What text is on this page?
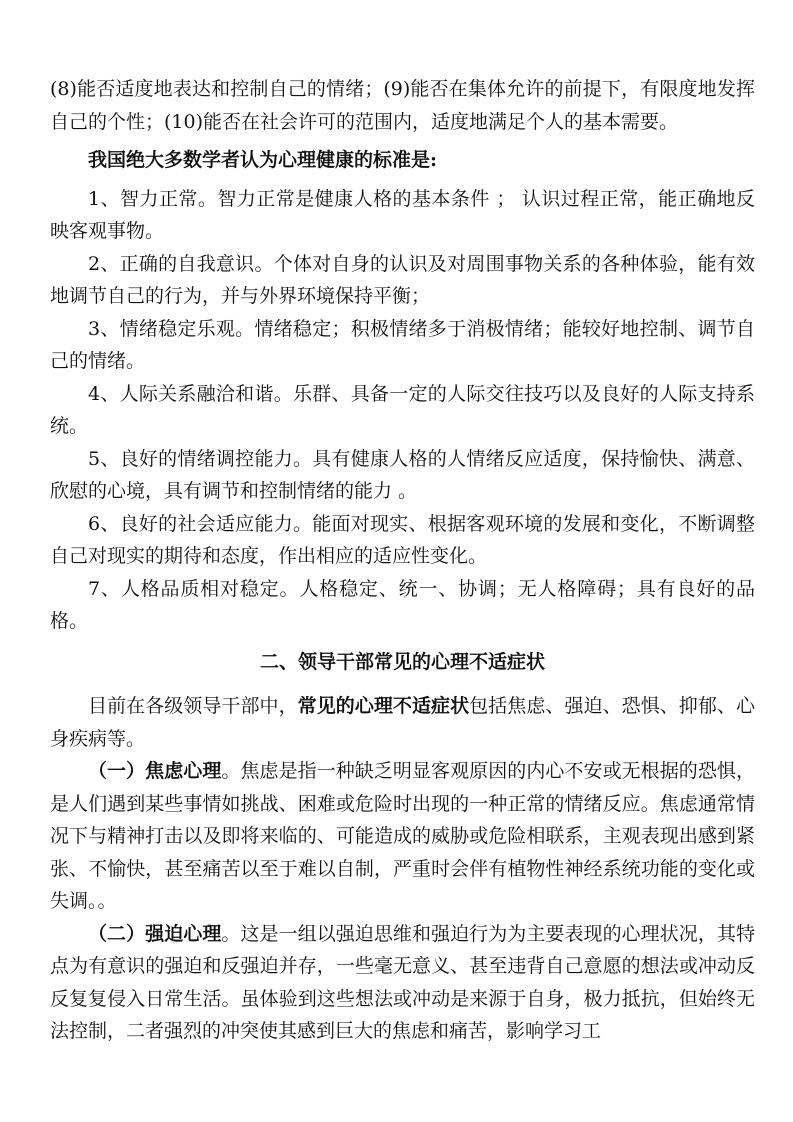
(8)能否适度地表达和控制自己的情绪；(9)能否在集体允许的前提下，有限度地发挥自己的个性；(10)能否在社会许可的范围内，适度地满足个人的基本需要。

我国绝大多数学者认为心理健康的标准是:

1、智力正常。智力正常是健康人格的基本条件 ； 认识过程正常，能正确地反映客观事物。

2、正确的自我意识。个体对自身的认识及对周围事物关系的各种体验，能有效地调节自己的行为，并与外界环境保持平衡；

3、情绪稳定乐观。情绪稳定；积极情绪多于消极情绪；能较好地控制、调节自己的情绪。

4、人际关系融洽和谐。乐群、具备一定的人际交往技巧以及良好的人际支持系统。

5、良好的情绪调控能力。具有健康人格的人情绪反应适度，保持愉快、满意、欣慰的心境，具有调节和控制情绪的能力 。

6、良好的社会适应能力。能面对现实、根据客观环境的发展和变化，不断调整自己对现实的期待和态度，作出相应的适应性变化。

7、人格品质相对稳定。人格稳定、统一、协调；无人格障碍；具有良好的品格。

二、领导干部常见的心理不适症状

目前在各级领导干部中，常见的心理不适症状包括焦虑、强迫、恐惧、抑郁、心身疾病等。

（一）焦虑心理。焦虑是指一种缺乏明显客观原因的内心不安或无根据的恐惧，是人们遇到某些事情如挑战、困难或危险时出现的一种正常的情绪反应。焦虑通常情况下与精神打击以及即将来临的、可能造成的威胁或危险相联系，主观表现出感到紧张、不愉快，甚至痛苦以至于难以自制，严重时会伴有植物性神经系统功能的变化或失调。。

（二）强迫心理。这是一组以强迫思维和强迫行为为主要表现的心理状况，其特点为有意识的强迫和反强迫并存，一些毫无意义、甚至违背自己意愿的想法或冲动反反复复侵入日常生活。虽体验到这些想法或冲动是来源于自身，极力抵抗，但始终无法控制，二者强烈的冲突使其感到巨大的焦虑和痛苦，影响学习工
